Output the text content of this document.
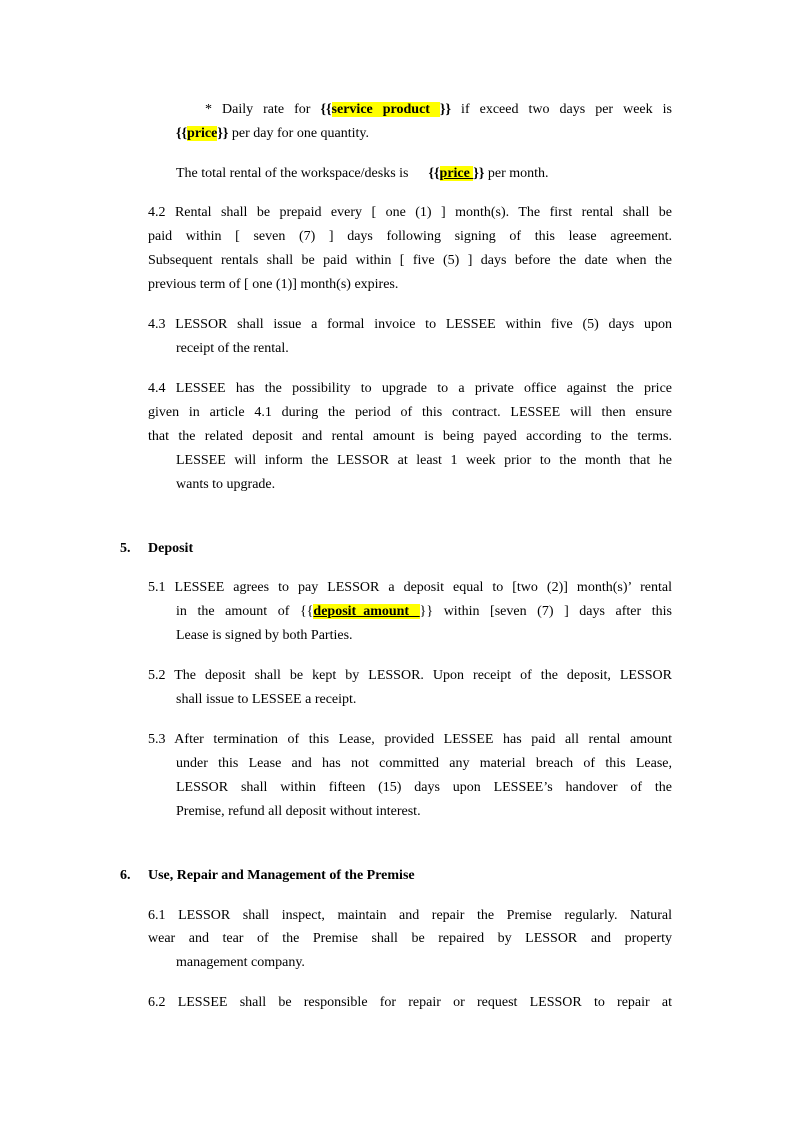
* Daily rate for {{service product }} if exceed two days per week is
{{price}} per day for one quantity.
The total rental of the workspace/desks is {{price }} per month.
4.2 Rental shall be prepaid every [ one (1) ] month(s). The first rental shall be
paid within [ seven (7) ] days following signing of this lease agreement.
Subsequent rentals shall be paid within [ five (5) ] days before the date when the
previous term of [ one (1)] month(s) expires.
4.3 LESSOR shall issue a formal invoice to LESSEE within five (5) days upon
receipt of the rental.
4.4 LESSEE has the possibility to upgrade to a private office against the price
given in article 4.1 during the period of this contract. LESSEE will then ensure
that the related deposit and rental amount is being payed according to the terms.
LESSEE will inform the LESSOR at least 1 week prior to the month that he
wants to upgrade.
5. Deposit
5.1 LESSEE agrees to pay LESSOR a deposit equal to [two (2)] month(s)’ rental
in the amount of {{deposit_amount }} within [seven (7) ] days after this
Lease is signed by both Parties.
5.2 The deposit shall be kept by LESSOR. Upon receipt of the deposit, LESSOR
shall issue to LESSEE a receipt.
5.3 After termination of this Lease, provided LESSEE has paid all rental amount
under this Lease and has not committed any material breach of this Lease,
LESSOR shall within fifteen (15) days upon LESSEE’s handover of the
Premise, refund all deposit without interest.
6. Use, Repair and Management of the Premise
6.1 LESSOR shall inspect, maintain and repair the Premise regularly. Natural
wear and tear of the Premise shall be repaired by LESSOR and property
management company.
6.2 LESSEE shall be responsible for repair or request LESSOR to repair at
